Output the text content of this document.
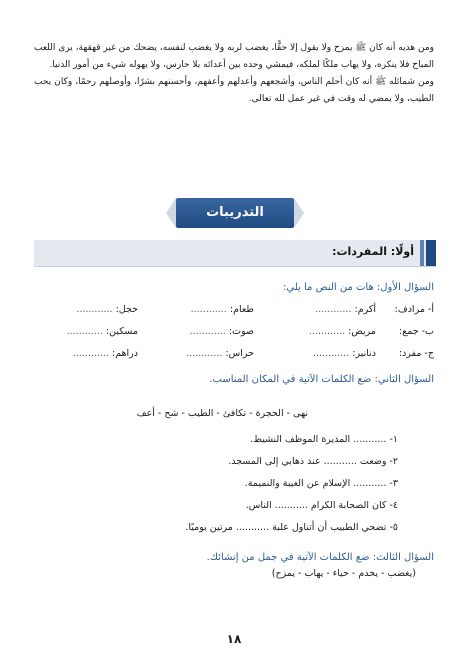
ومن هديه أنه كان ﷺ يمزح ولا يقول إلا حقًّا، يغضب لربه ولا يغضب لنفسه، يضحك من غير قهقهة، يرى اللعب المباح فلا ينكره، ولا يهاب ملكًا لملكه، فيمشي وحده بين أعدائه بلا حارس، ولا يهوله شيء من أمور الدنيا.

ومن شمائله ﷺ أنه كان أحلم الناس، وأشجعهم وأعدلهم وأعفهم، وأحسنهم بشرًا، وأوصلهم رحمًا، وكان يحب الطيب، ولا يمضي له وقت في غير عمل لله تعالى.

التدريبات
أولًا: المفردات:
السؤال الأول: هات من النص ما يلي:
أ- مرادف:
أكرم: ............
طعام: ............
خجل: ............
ب- جمع:
مريض: ............
صوت: ............
مسكين: ............
ج- مفرد:
دنانير: ............
حراس: ............
دراهم: ............
السؤال الثاني: ضع الكلمات الآتية في المكان المناسب.
نهى - الحجرة - تكافئ - الطيب - شح - أعف
١- ........... المديرة الموظف النشيط.
٢- وضعت ........... عند ذهابي إلى المسجد.
٣- ........... الإسلام عن الغيبة والنميمة.
٤- كان الصحابة الكرام ........... الناس.
٥- تضحي الطبيب أن أتناول علبة ........... مرتين يوميًا.
السؤال الثالث: ضع الكلمات الآتية في جمل من إنشائك.
(يغضب - يخدم - حياء - يهاب - يمزح)
١٨
